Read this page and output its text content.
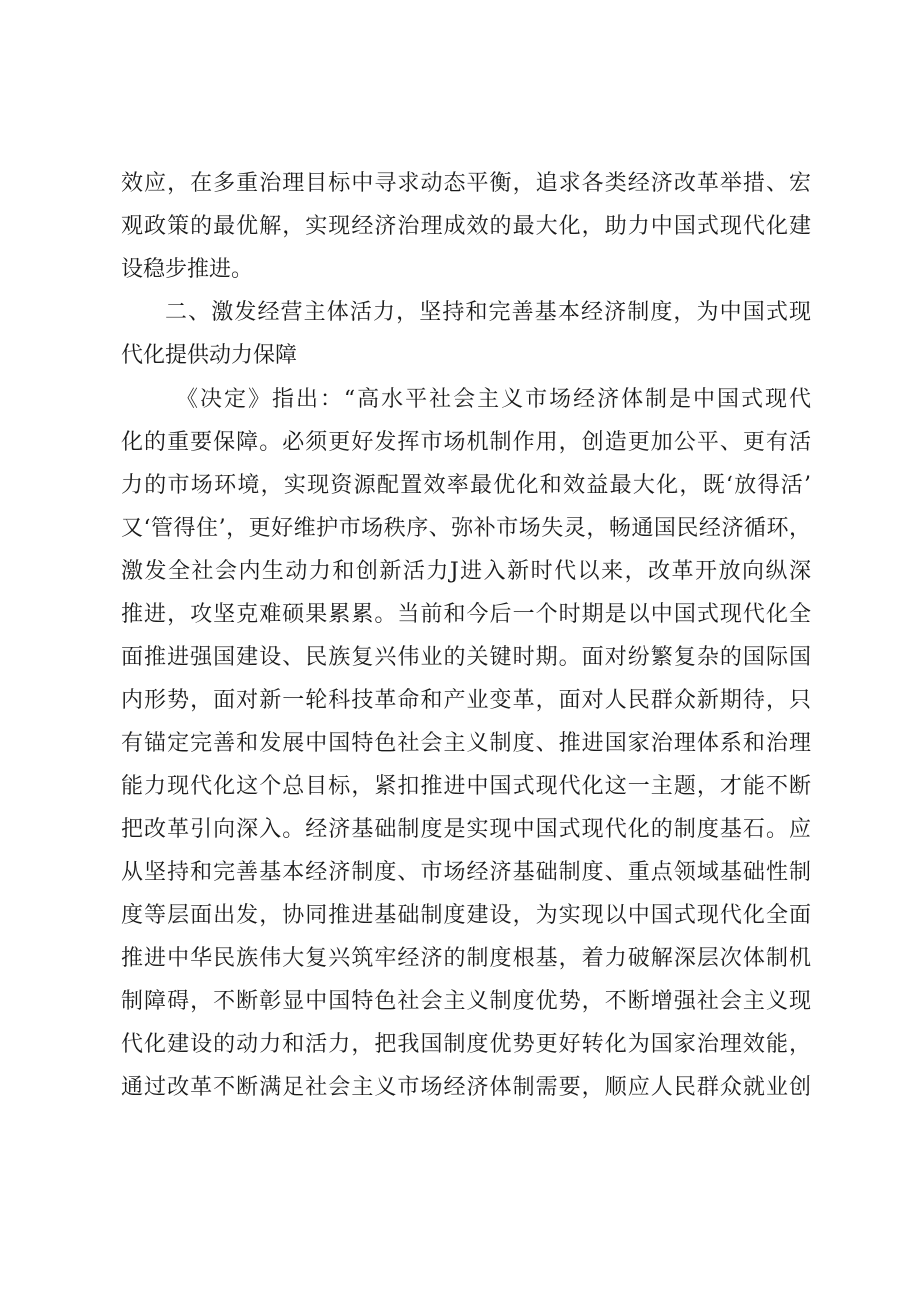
效应，在多重治理目标中寻求动态平衡，追求各类经济改革举措、宏
观政策的最优解，实现经济治理成效的最大化，助力中国式现代化建
设稳步推进。
二、激发经营主体活力，坚持和完善基本经济制度，为中国式现
代化提供动力保障
《决定》指出：“高水平社会主义市场经济体制是中国式现代
化的重要保障。必须更好发挥市场机制作用，创造更加公平、更有活
力的市场环境，实现资源配置效率最优化和效益最大化，既‘放得活’
又‘管得住’，更好维护市场秩序、弥补市场失灵，畅通国民经济循环，
激发全社会内生动力和创新活力J进入新时代以来，改革开放向纵深
推进，攻坚克难硕果累累。当前和今后一个时期是以中国式现代化全
面推进强国建设、民族复兴伟业的关键时期。面对纷繁复杂的国际国
内形势，面对新一轮科技革命和产业变革，面对人民群众新期待，只
有锚定完善和发展中国特色社会主义制度、推进国家治理体系和治理
能力现代化这个总目标，紧扣推进中国式现代化这一主题，才能不断
把改革引向深入。经济基础制度是实现中国式现代化的制度基石。应
从坚持和完善基本经济制度、市场经济基础制度、重点领域基础性制
度等层面出发，协同推进基础制度建设，为实现以中国式现代化全面
推进中华民族伟大复兴筑牢经济的制度根基，着力破解深层次体制机
制障碍，不断彰显中国特色社会主义制度优势，不断增强社会主义现
代化建设的动力和活力，把我国制度优势更好转化为国家治理效能，
通过改革不断满足社会主义市场经济体制需要，顺应人民群众就业创
